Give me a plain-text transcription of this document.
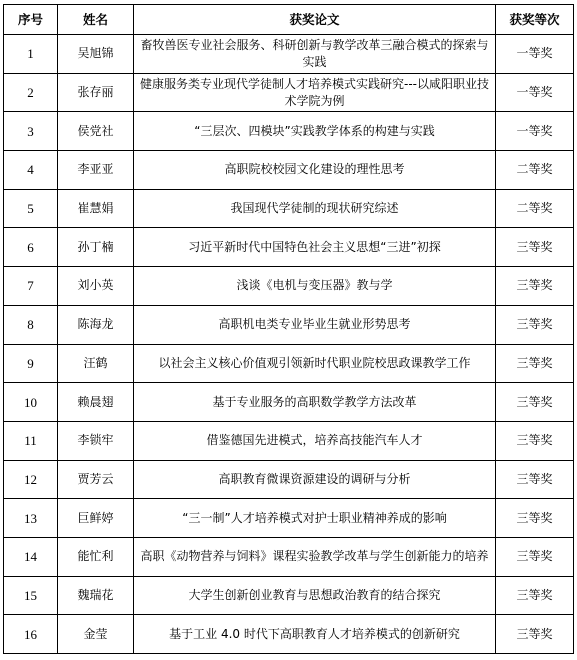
序号	姓名	获奖论文	获奖等次
1	吴旭锦	畜牧兽医专业社会服务、科研创新与教学改革三融合模式的探索与实践	一等奖
2	张存丽	健康服务类专业现代学徒制人才培养模式实践研究---以咸阳职业技术学院为例	一等奖
3	侯党社	“三层次、四模块”实践教学体系的构建与实践	一等奖
4	李亚亚	高职院校校园文化建设的理性思考	二等奖
5	崔慧娟	我国现代学徒制的现状研究综述	二等奖
6	孙丁楠	习近平新时代中国特色社会主义思想“三进”初探	三等奖
7	刘小英	浅谈《电机与变压器》教与学	三等奖
8	陈海龙	高职机电类专业毕业生就业形势思考	三等奖
9	汪鹤	以社会主义核心价值观引领新时代职业院校思政课教学工作	三等奖
10	赖晨翅	基于专业服务的高职数学教学方法改革	三等奖
11	李锁牢	借鉴德国先进模式，培养高技能汽车人才	三等奖
12	贾芳云	高职教育微课资源建设的调研与分析	三等奖
13	巨鲜婷	“三一制”人才培养模式对护士职业精神养成的影响	三等奖
14	能忙利	高职《动物营养与饲料》课程实验教学改革与学生创新能力的培养	三等奖
15	魏瑞花	大学生创新创业教育与思想政治教育的结合探究	三等奖
16	金莹	基于工业 4.0 时代下高职教育人才培养模式的创新研究	三等奖
